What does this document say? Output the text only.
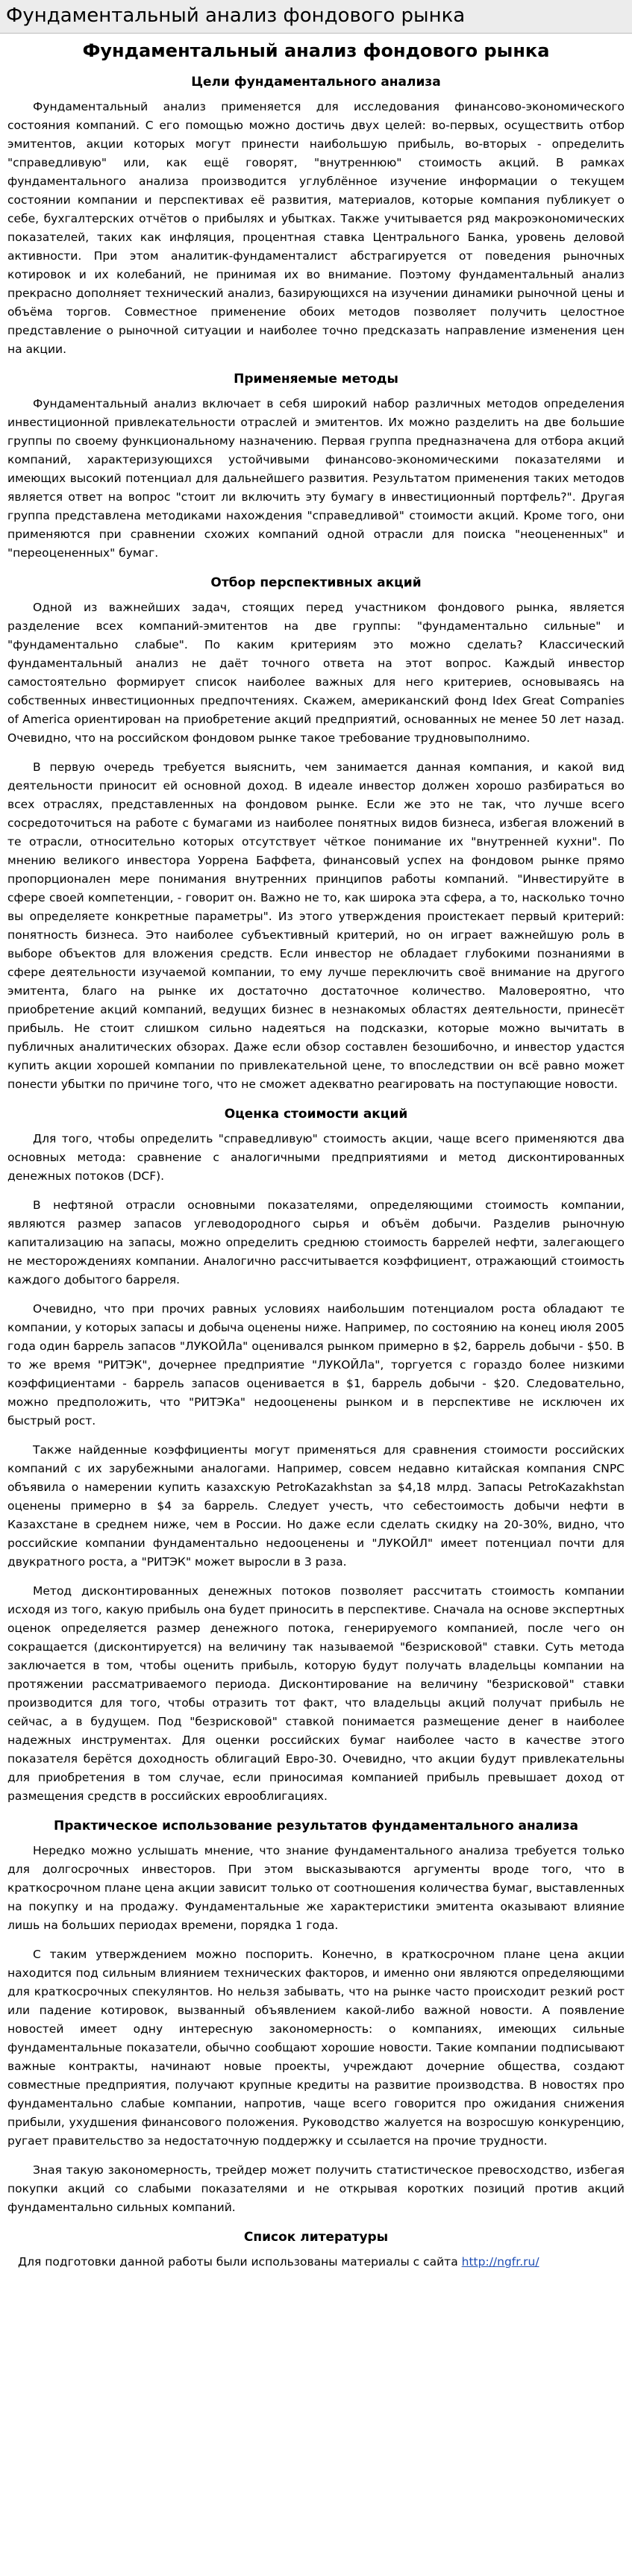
Фундаментальный анализ фондового рынка
Фундаментальный анализ фондового рынка
Цели фундаментального анализа

Фундаментальный анализ применяется для исследования финансово-экономического состояния компаний. С его помощью можно достичь двух целей: во-первых, осуществить отбор эмитентов, акции которых могут принести наибольшую прибыль, во-вторых - определить "справедливую" или, как ещё говорят, "внутреннюю" стоимость акций. В рамках фундаментального анализа производится углублённое изучение информации о текущем состоянии компании и перспективах её развития, материалов, которые компания публикует о себе, бухгалтерских отчётов о прибылях и убытках. Также учитывается ряд макроэкономических показателей, таких как инфляция, процентная ставка Центрального Банка, уровень деловой активности. При этом аналитик-фундаменталист абстрагируется от поведения рыночных котировок и их колебаний, не принимая их во внимание. Поэтому фундаментальный анализ прекрасно дополняет технический анализ, базирующихся на изучении динамики рыночной цены и объёма торгов. Совместное применение обоих методов позволяет получить целостное представление о рыночной ситуации и наиболее точно предсказать направление изменения цен на акции.

Применяемые методы

Фундаментальный анализ включает в себя широкий набор различных методов определения инвестиционной привлекательности отраслей и эмитентов. Их можно разделить на две большие группы по своему функциональному назначению. Первая группа предназначена для отбора акций компаний, характеризующихся устойчивыми финансово-экономическими показателями и имеющих высокий потенциал для дальнейшего развития. Результатом применения таких методов является ответ на вопрос "стоит ли включить эту бумагу в инвестиционный портфель?". Другая группа представлена методиками нахождения "справедливой" стоимости акций. Кроме того, они применяются при сравнении схожих компаний одной отрасли для поиска "неоцененных" и "переоцененных" бумаг.

Отбор перспективных акций

Одной из важнейших задач, стоящих перед участником фондового рынка, является разделение всех компаний-эмитентов на две группы: "фундаментально сильные" и "фундаментально слабые". По каким критериям это можно сделать? Классический фундаментальный анализ не даёт точного ответа на этот вопрос. Каждый инвестор самостоятельно формирует список наиболее важных для него критериев, основываясь на собственных инвестиционных предпочтениях. Скажем, американский фонд Idex Great Companies of America ориентирован на приобретение акций предприятий, основанных не менее 50 лет назад. Очевидно, что на российском фондовом рынке такое требование трудновыполнимо.

В первую очередь требуется выяснить, чем занимается данная компания, и какой вид деятельности приносит ей основной доход. В идеале инвестор должен хорошо разбираться во всех отраслях, представленных на фондовом рынке. Если же это не так, что лучше всего сосредоточиться на работе с бумагами из наиболее понятных видов бизнеса, избегая вложений в те отрасли, относительно которых отсутствует чёткое понимание их "внутренней кухни". По мнению великого инвестора Уоррена Баффета, финансовый успех на фондовом рынке прямо пропорционален мере понимания внутренних принципов работы компаний. "Инвестируйте в сфере своей компетенции, - говорит он. Важно не то, как широка эта сфера, а то, насколько точно вы определяете конкретные параметры". Из этого утверждения проистекает первый критерий: понятность бизнеса. Это наиболее субъективный критерий, но он играет важнейшую роль в выборе объектов для вложения средств. Если инвестор не обладает глубокими познаниями в сфере деятельности изучаемой компании, то ему лучше переключить своё внимание на другого эмитента, благо на рынке их достаточно достаточное количество. Маловероятно, что приобретение акций компаний, ведущих бизнес в незнакомых областях деятельности, принесёт прибыль. Не стоит слишком сильно надеяться на подсказки, которые можно вычитать в публичных аналитических обзорах. Даже если обзор составлен безошибочно, и инвестор удастся купить акции хорошей компании по привлекательной цене, то впоследствии он всё равно может понести убытки по причине того, что не сможет адекватно реагировать на поступающие новости.

Оценка стоимости акций

Для того, чтобы определить "справедливую" стоимость акции, чаще всего применяются два основных метода: сравнение с аналогичными предприятиями и метод дисконтированных денежных потоков (DCF).

В нефтяной отрасли основными показателями, определяющими стоимость компании, являются размер запасов углеводородного сырья и объём добычи. Разделив рыночную капитализацию на запасы, можно определить среднюю стоимость баррелей нефти, залегающего не месторождениях компании. Аналогично рассчитывается коэффициент, отражающий стоимость каждого добытого барреля.

Очевидно, что при прочих равных условиях наибольшим потенциалом роста обладают те компании, у которых запасы и добыча оценены ниже. Например, по состоянию на конец июля 2005 года один баррель запасов "ЛУКОЙЛа" оценивался рынком примерно в $2, баррель добычи - $50. В то же время "РИТЭК", дочернее предприятие "ЛУКОЙЛа", торгуется с гораздо более низкими коэффициентами - баррель запасов оценивается в $1, баррель добычи - $20. Следовательно, можно предположить, что "РИТЭКа" недооценены рынком и в перспективе не исключен их быстрый рост.

Также найденные коэффициенты могут применяться для сравнения стоимости российских компаний с их зарубежными аналогами. Например, совсем недавно китайская компания CNPC объявила о намерении купить казахскую PetroKazakhstan за $4,18 млрд. Запасы PetroKazakhstan оценены примерно в $4 за баррель. Следует учесть, что себестоимость добычи нефти в Казахстане в среднем ниже, чем в России. Но даже если сделать скидку на 20-30%, видно, что российские компании фундаментально недооценены и "ЛУКОЙЛ" имеет потенциал почти для двукратного роста, а "РИТЭК" может выросли в 3 раза.

Метод дисконтированных денежных потоков позволяет рассчитать стоимость компании исходя из того, какую прибыль она будет приносить в перспективе. Сначала на основе экспертных оценок определяется размер денежного потока, генерируемого компанией, после чего он сокращается (дисконтируется) на величину так называемой "безрисковой" ставки. Суть метода заключается в том, чтобы оценить прибыль, которую будут получать владельцы компании на протяжении рассматриваемого периода. Дисконтирование на величину "безрисковой" ставки производится для того, чтобы отразить тот факт, что владельцы акций получат прибыль не сейчас, а в будущем. Под "безрисковой" ставкой понимается размещение денег в наиболее надежных инструментах. Для оценки российских бумаг наиболее часто в качестве этого показателя берётся доходность облигаций Евро-30. Очевидно, что акции будут привлекательны для приобретения в том случае, если приносимая компанией прибыль превышает доход от размещения средств в российских еврооблигациях.

Практическое использование результатов фундаментального анализа

Нередко можно услышать мнение, что знание фундаментального анализа требуется только для долгосрочных инвесторов. При этом высказываются аргументы вроде того, что в краткосрочном плане цена акции зависит только от соотношения количества бумаг, выставленных на покупку и на продажу. Фундаментальные же характеристики эмитента оказывают влияние лишь на больших периодах времени, порядка 1 года.

С таким утверждением можно поспорить. Конечно, в краткосрочном плане цена акции находится под сильным влиянием технических факторов, и именно они являются определяющими для краткосрочных спекулянтов. Но нельзя забывать, что на рынке часто происходит резкий рост или падение котировок, вызванный объявлением какой-либо важной новости. А появление новостей имеет одну интересную закономерность: о компаниях, имеющих сильные фундаментальные показатели, обычно сообщают хорошие новости. Такие компании подписывают важные контракты, начинают новые проекты, учреждают дочерние общества, создают совместные предприятия, получают крупные кредиты на развитие производства. В новостях про фундаментально слабые компании, напротив, чаще всего говорится про ожидания снижения прибыли, ухудшения финансового положения. Руководство жалуется на возросшую конкуренцию, ругает правительство за недостаточную поддержку и ссылается на прочие трудности.

Зная такую закономерность, трейдер может получить статистическое превосходство, избегая покупки акций со слабыми показателями и не открывая коротких позиций против акций фундаментально сильных компаний.

Список литературы

Для подготовки данной работы были использованы материалы с сайта http://ngfr.ru/
